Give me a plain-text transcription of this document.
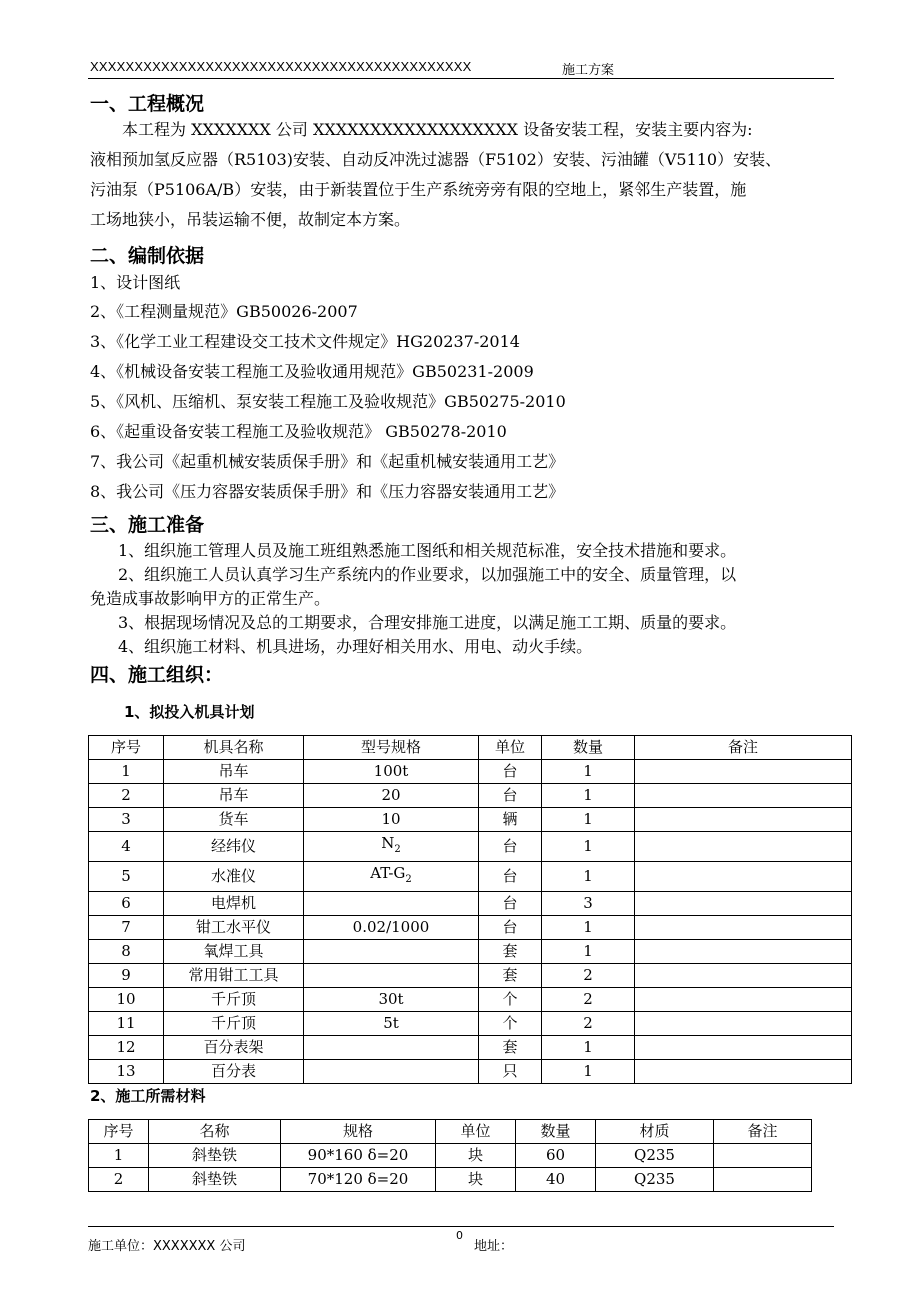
XXXXXXXXXXXXXXXXXXXXXXXXXXXXXXXXXXXXXXXXXXX	施工方案
一、工程概况
本工程为 XXXXXXX 公司 XXXXXXXXXXXXXXXXXX 设备安装工程，安装主要内容为:
液相预加氢反应器（R5103)安装、自动反冲洗过滤器（F5102）安装、污油罐（V5110）安装、
污油泵（P5106A/B）安装，由于新装置位于生产系统旁旁有限的空地上，紧邻生产装置，施
工场地狭小，吊装运输不便，故制定本方案。
二、编制依据
1、设计图纸
2、《工程测量规范》GB50026-2007
3、《化学工业工程建设交工技术文件规定》HG20237-2014
4、《机械设备安装工程施工及验收通用规范》GB50231-2009
5、《风机、压缩机、泵安装工程施工及验收规范》GB50275-2010
6、《起重设备安装工程施工及验收规范》 GB50278-2010
7、我公司《起重机械安装质保手册》和《起重机械安装通用工艺》
8、我公司《压力容器安装质保手册》和《压力容器安装通用工艺》
三、施工准备
1、组织施工管理人员及施工班组熟悉施工图纸和相关规范标准，安全技术措施和要求。
2、组织施工人员认真学习生产系统内的作业要求，以加强施工中的安全、质量管理，以
免造成事故影响甲方的正常生产。
3、根据现场情况及总的工期要求，合理安排施工进度，以满足施工工期、质量的要求。
4、组织施工材料、机具进场，办理好相关用水、用电、动火手续。
四、施工组织：
1、拟投入机具计划
序号	机具名称	型号规格	单位	数量	备注
1	吊车	100t	台	1	
2	吊车	20	台	1	
3	货车	10	辆	1	
4	经纬仪	$N_2$	台	1	
5	水准仪	$AT-G_2$	台	1	
6	电焊机		台	3	
7	钳工水平仪	0.02/1000	台	1	
8	氧焊工具		套	1	
9	常用钳工工具		套	2	
10	千斤顶	30t	个	2	
11	千斤顶	5t	个	2	
12	百分表架		套	1	
13	百分表		只	1	
2、施工所需材料
序号	名称	规格	单位	数量	材质	备注
1	斜垫铁	90*160 δ=20	块	60	Q235	
2	斜垫铁	70*120 δ=20	块	40	Q235	
施工单位：XXXXXXX 公司
0
地址：
